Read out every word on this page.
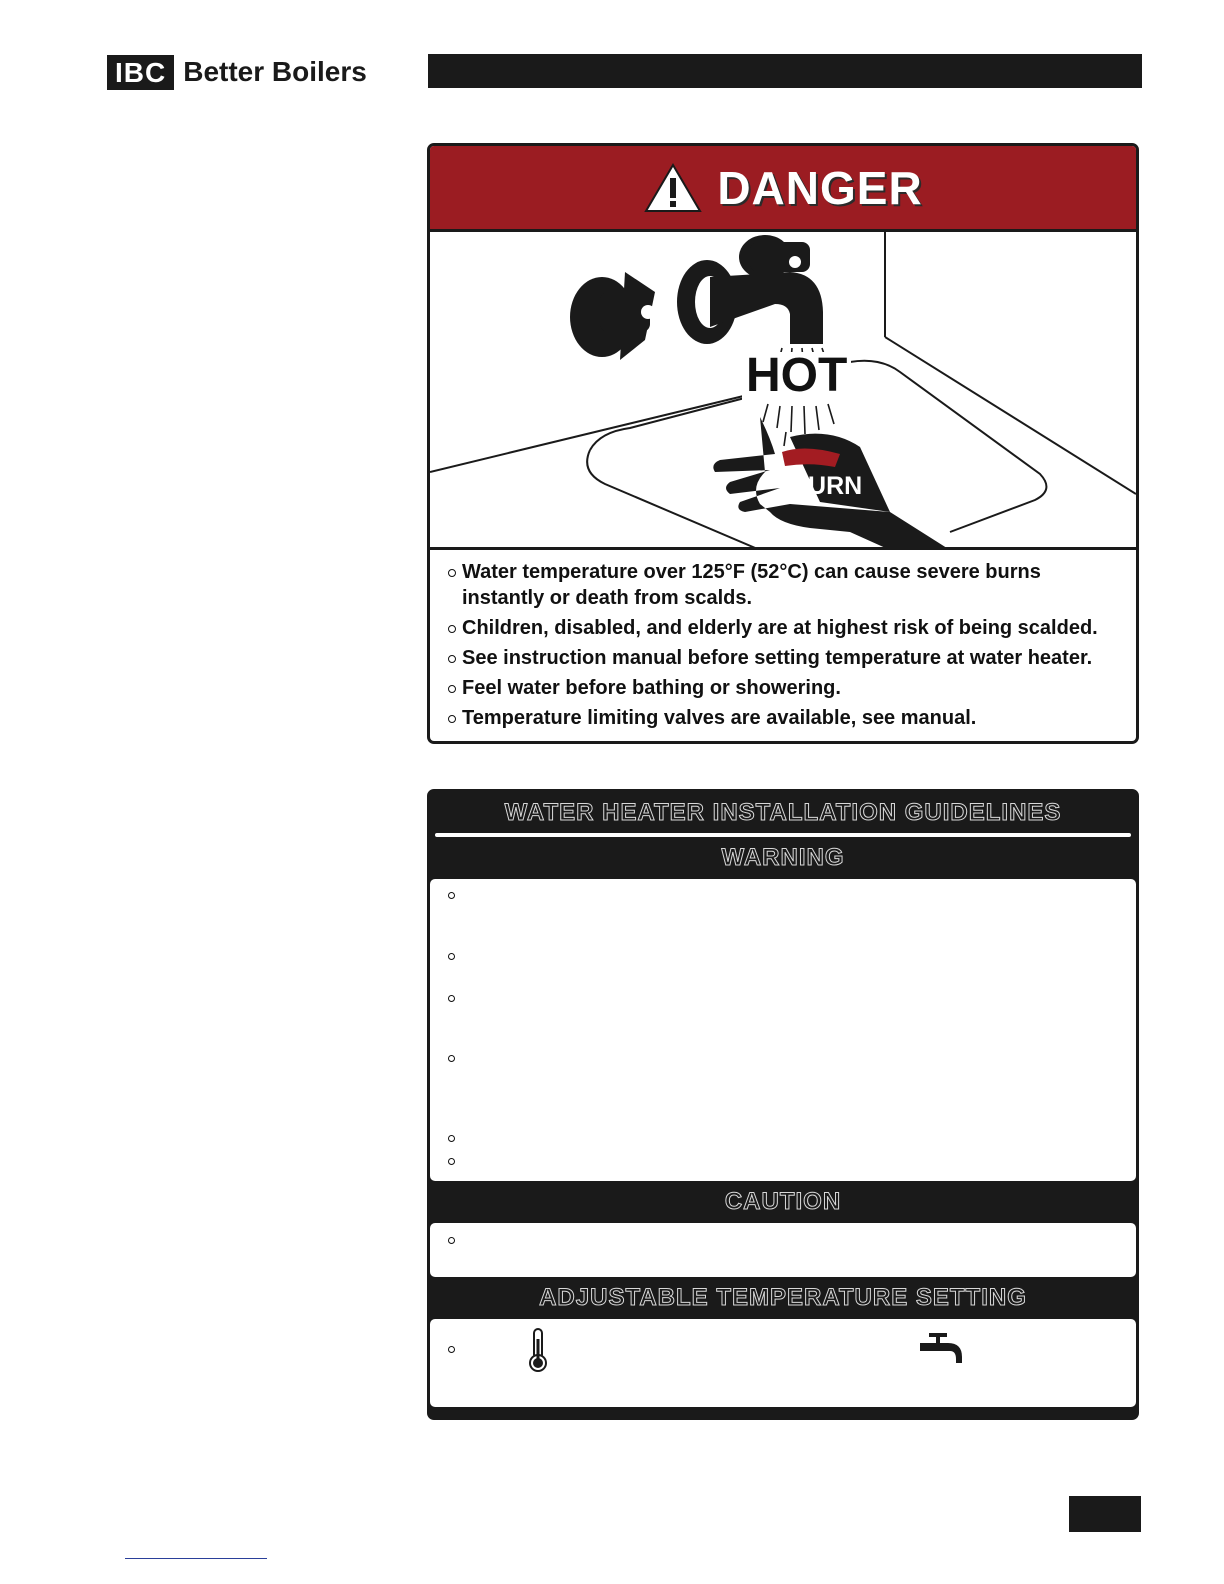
IBC Better Boilers
DANGER
HOT
BURN
Water temperature over 125°F (52°C) can cause severe burns instantly or death from scalds.
Children, disabled, and elderly are at highest risk of being scalded.
See instruction manual before setting temperature at water heater.
Feel water before bathing or showering.
Temperature limiting valves are available, see manual.
WATER HEATER INSTALLATION GUIDELINES
WARNING
CAUTION
ADJUSTABLE TEMPERATURE SETTING
